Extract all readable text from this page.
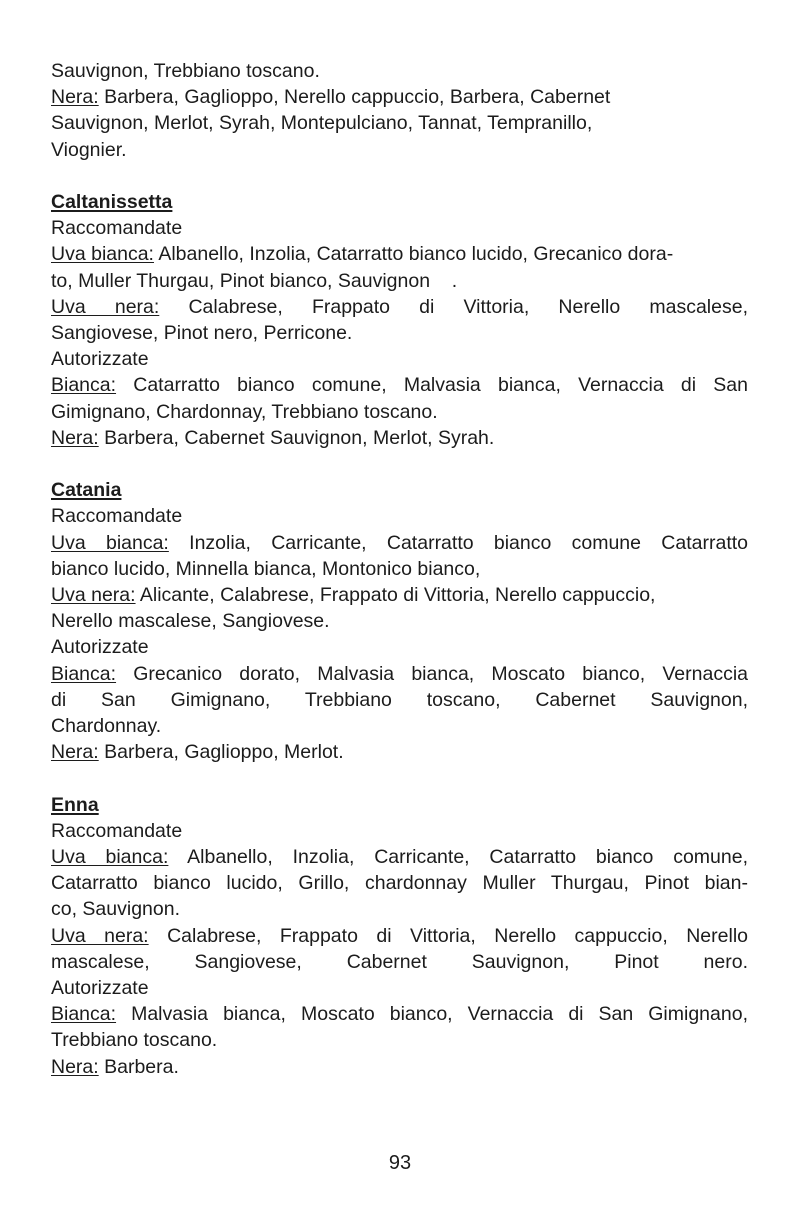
Sauvignon, Trebbiano toscano.
Nera: Barbera, Gaglioppo, Nerello cappuccio, Barbera, Cabernet
Sauvignon, Merlot, Syrah, Montepulciano, Tannat, Tempranillo,
Viognier.
Caltanissetta
Raccomandate
Uva bianca: Albanello, Inzolia, Catarratto bianco lucido, Grecanico dora-
to, Muller Thurgau, Pinot bianco, Sauvignon    .
Uva nera: Calabrese, Frappato di Vittoria, Nerello mascalese,
Sangiovese, Pinot nero, Perricone.
Autorizzate
Bianca: Catarratto bianco comune, Malvasia bianca, Vernaccia di San
Gimignano, Chardonnay, Trebbiano toscano.
Nera: Barbera, Cabernet Sauvignon, Merlot, Syrah.
Catania
Raccomandate
Uva bianca: Inzolia, Carricante, Catarratto bianco comune Catarratto
bianco lucido, Minnella bianca, Montonico bianco,
Uva nera: Alicante, Calabrese, Frappato di Vittoria, Nerello cappuccio,
Nerello mascalese, Sangiovese.
Autorizzate
Bianca: Grecanico dorato, Malvasia bianca, Moscato bianco, Vernaccia
di San Gimignano, Trebbiano toscano, Cabernet Sauvignon,
Chardonnay.
Nera: Barbera, Gaglioppo, Merlot.
Enna
Raccomandate
Uva bianca: Albanello, Inzolia, Carricante, Catarratto bianco comune,
Catarratto bianco lucido, Grillo, chardonnay Muller Thurgau, Pinot bian-
co, Sauvignon.
Uva nera: Calabrese, Frappato di Vittoria, Nerello cappuccio, Nerello
mascalese, Sangiovese, Cabernet Sauvignon, Pinot nero.
Autorizzate
Bianca: Malvasia bianca, Moscato bianco, Vernaccia di San Gimignano,
Trebbiano toscano.
Nera: Barbera.
93
